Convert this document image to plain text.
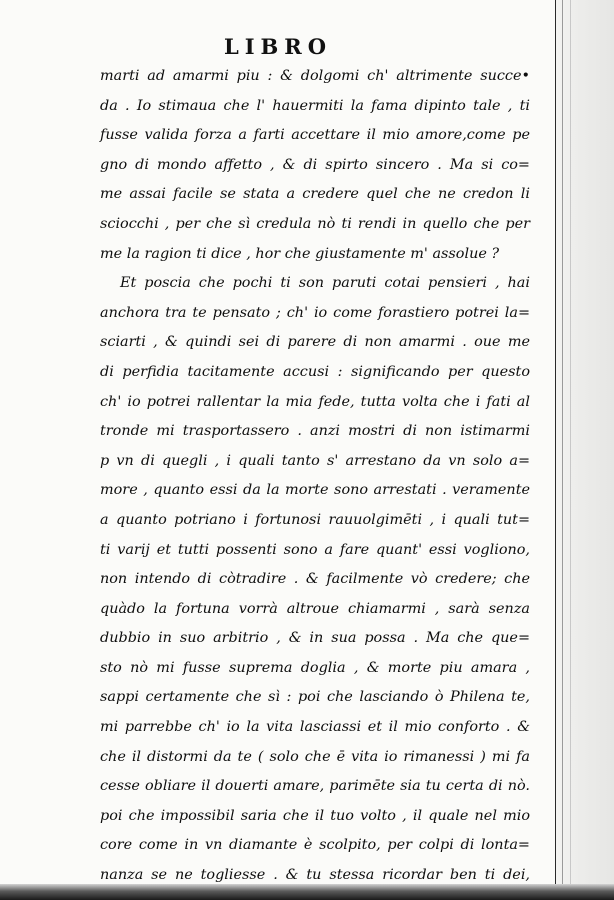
LIBRO

marti ad amarmi piu : & dolgomi ch' altrimente succe•

da . Io stimaua che l' hauermiti la fama dipinto tale , ti

fusse valida forza a farti accettare il mio amore,come pe

gno di mondo affetto , & di spirto sincero . Ma si co=

me assai facile se stata a credere quel che ne credon li

sciocchi , per che sì credula nò ti rendi in quello che per

me la ragion ti dice , hor che giustamente m' assolue ?

Et poscia che pochi ti son paruti cotai pensieri , hai

anchora tra te pensato ; ch' io come forastiero potrei la=

sciarti , & quindi sei di parere di non amarmi . oue me

di perfidia tacitamente accusi : significando per questo

ch' io potrei rallentar la mia fede, tutta volta che i fati al

tronde mi trasportassero . anzi mostri di non istimarmi

p vn di quegli , i quali tanto s' arrestano da vn solo a=

more , quanto essi da la morte sono arrestati . veramente

a quanto potriano i fortunosi rauuolgimēti , i quali tut=

ti varij et tutti possenti sono a fare quant' essi vogliono,

non intendo di còtradire . & facilmente vò credere; che

quàdo la fortuna vorrà altroue chiamarmi , sarà senza

dubbio in suo arbitrio , & in sua possa . Ma che que=

sto nò mi fusse suprema doglia , & morte piu amara ,

sappi certamente che sì : poi che lasciando ò Philena te,

mi parrebbe ch' io la vita lasciassi et il mio conforto . &

che il distormi da te ( solo che ē vita io rimanessi ) mi fa

cesse obliare il douerti amare, parimēte sia tu certa di nò.

poi che impossibil saria che il tuo volto , il quale nel mio

core come in vn diamante è scolpito, per colpi di lonta=

nanza se ne togliesse . & tu stessa ricordar ben ti dei,
